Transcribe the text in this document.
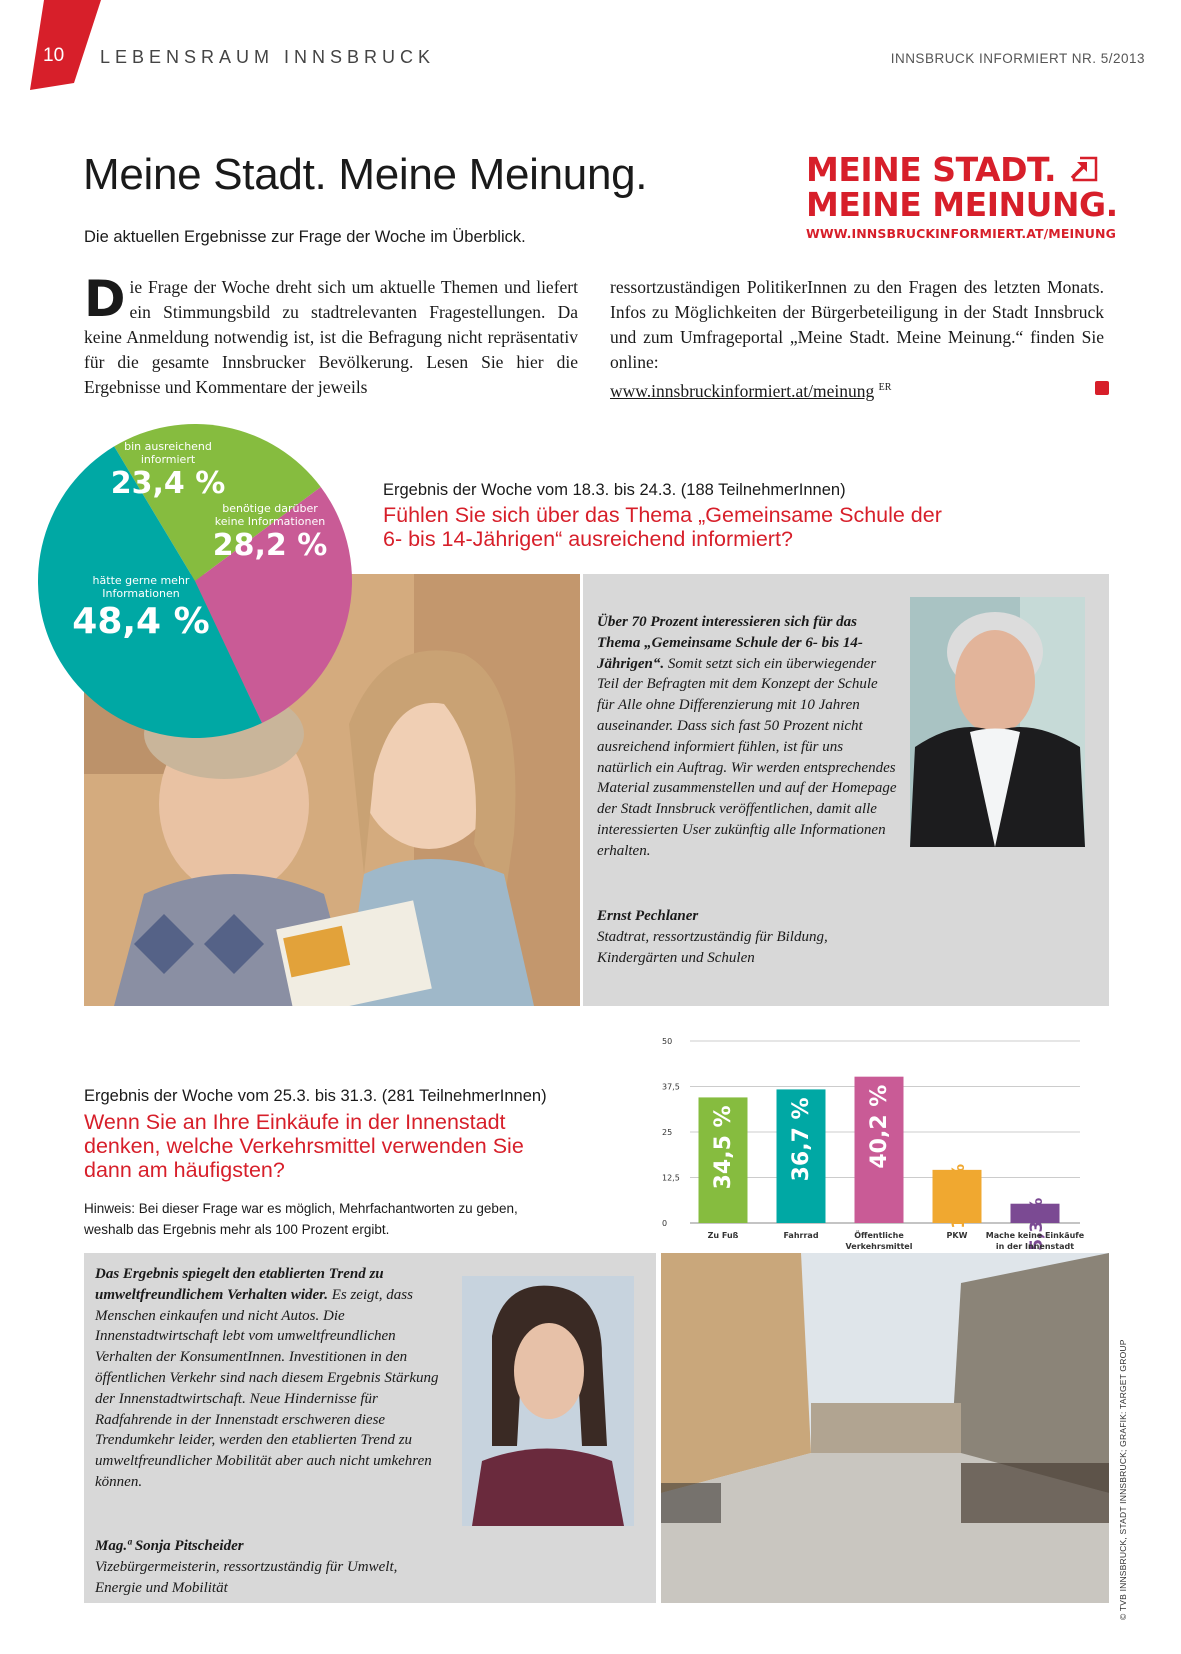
10 LEBENSRAUM INNSBRUCK	INNSBRUCK INFORMIERT NR. 5/2013
Meine Stadt. Meine Meinung.
Die aktuellen Ergebnisse zur Frage der Woche im Überblick.
MEINE STADT.
MEINE MEINUNG.
WWW.INNSBRUCKINFORMIERT.AT/MEINUNG
Die Frage der Woche dreht sich um aktuelle Themen und liefert ein Stimmungsbild zu stadtrelevanten Fragestellungen. Da keine Anmeldung notwendig ist, ist die Befragung nicht repräsentativ für die gesamte Innsbrucker Bevölkerung. Lesen Sie hier die Ergebnisse und Kommentare der jeweils
ressortzuständigen PolitikerInnen zu den Fragen des letzten Monats. Infos zu Möglichkeiten der Bürgerbeteiligung in der Stadt Innsbruck und zum Umfrageportal „Meine Stadt. Meine Meinung.“ finden Sie online:
www.innsbruckinformiert.at/meinung $^{ER}$
bin ausreichend
informiert
23,4 %
benötige darüber
keine Informationen
28,2 %
hätte gerne mehr
Informationen
48,4 %
Ergebnis der Woche vom 18.3. bis 24.3. (188 TeilnehmerInnen)
Fühlen Sie sich über das Thema „Gemeinsame Schule der
6- bis 14-Jährigen“ ausreichend informiert?
Über 70 Prozent interessieren sich für das Thema „Gemeinsame Schule der 6- bis 14-Jährigen“. Somit setzt sich ein überwiegender Teil der Befragten mit dem Konzept der Schule für Alle ohne Differenzierung mit 10 Jahren auseinander. Dass sich fast 50 Prozent nicht ausreichend informiert fühlen, ist für uns natürlich ein Auftrag. Wir werden entsprechendes Material zusammenstellen und auf der Homepage der Stadt Innsbruck veröffentlichen, damit alle interessierten User zukünftig alle Informationen erhalten.
Ernst Pechlaner
Stadtrat, ressortzuständig für Bildung,
Kindergärten und Schulen
Ergebnis der Woche vom 25.3. bis 31.3. (281 TeilnehmerInnen)
Wenn Sie an Ihre Einkäufe in der Innenstadt
denken, welche Verkehrsmittel verwenden Sie
dann am häufigsten?
Hinweis: Bei dieser Frage war es möglich, Mehrfachantworten zu geben,
weshalb das Ergebnis mehr als 100 Prozent ergibt.	0
12,5
25
37,5
50
34,5 %
Zu Fuß
36,7 %
Fahrrad
40,2 %
Öffentliche
Verkehrsmittel
14,6 %
PKW	5,3 %
Mache keine Einkäufe
in der Innenstadt
Das Ergebnis spiegelt den etablierten Trend zu umweltfreundlichem Verhalten wider. Es zeigt, dass Menschen einkaufen und nicht Autos. Die Innenstadtwirtschaft lebt vom umweltfreundlichen Verhalten der KonsumentInnen. Investitionen in den öffentlichen Verkehr sind nach diesem Ergebnis Stärkung der Innenstadtwirtschaft. Neue Hindernisse für Radfahrende in der Innenstadt erschweren diese Trendumkehr leider, werden den etablierten Trend zu umweltfreundlicher Mobilität aber auch nicht umkehren können.
Mag.ª Sonja Pitscheider
Vizebürgermeisterin, ressortzuständig für Umwelt,
Energie und Mobilität	© TVB INNSBRUCK, STADT INNSBRUCK; GRAFIK: TARGET GROUP
